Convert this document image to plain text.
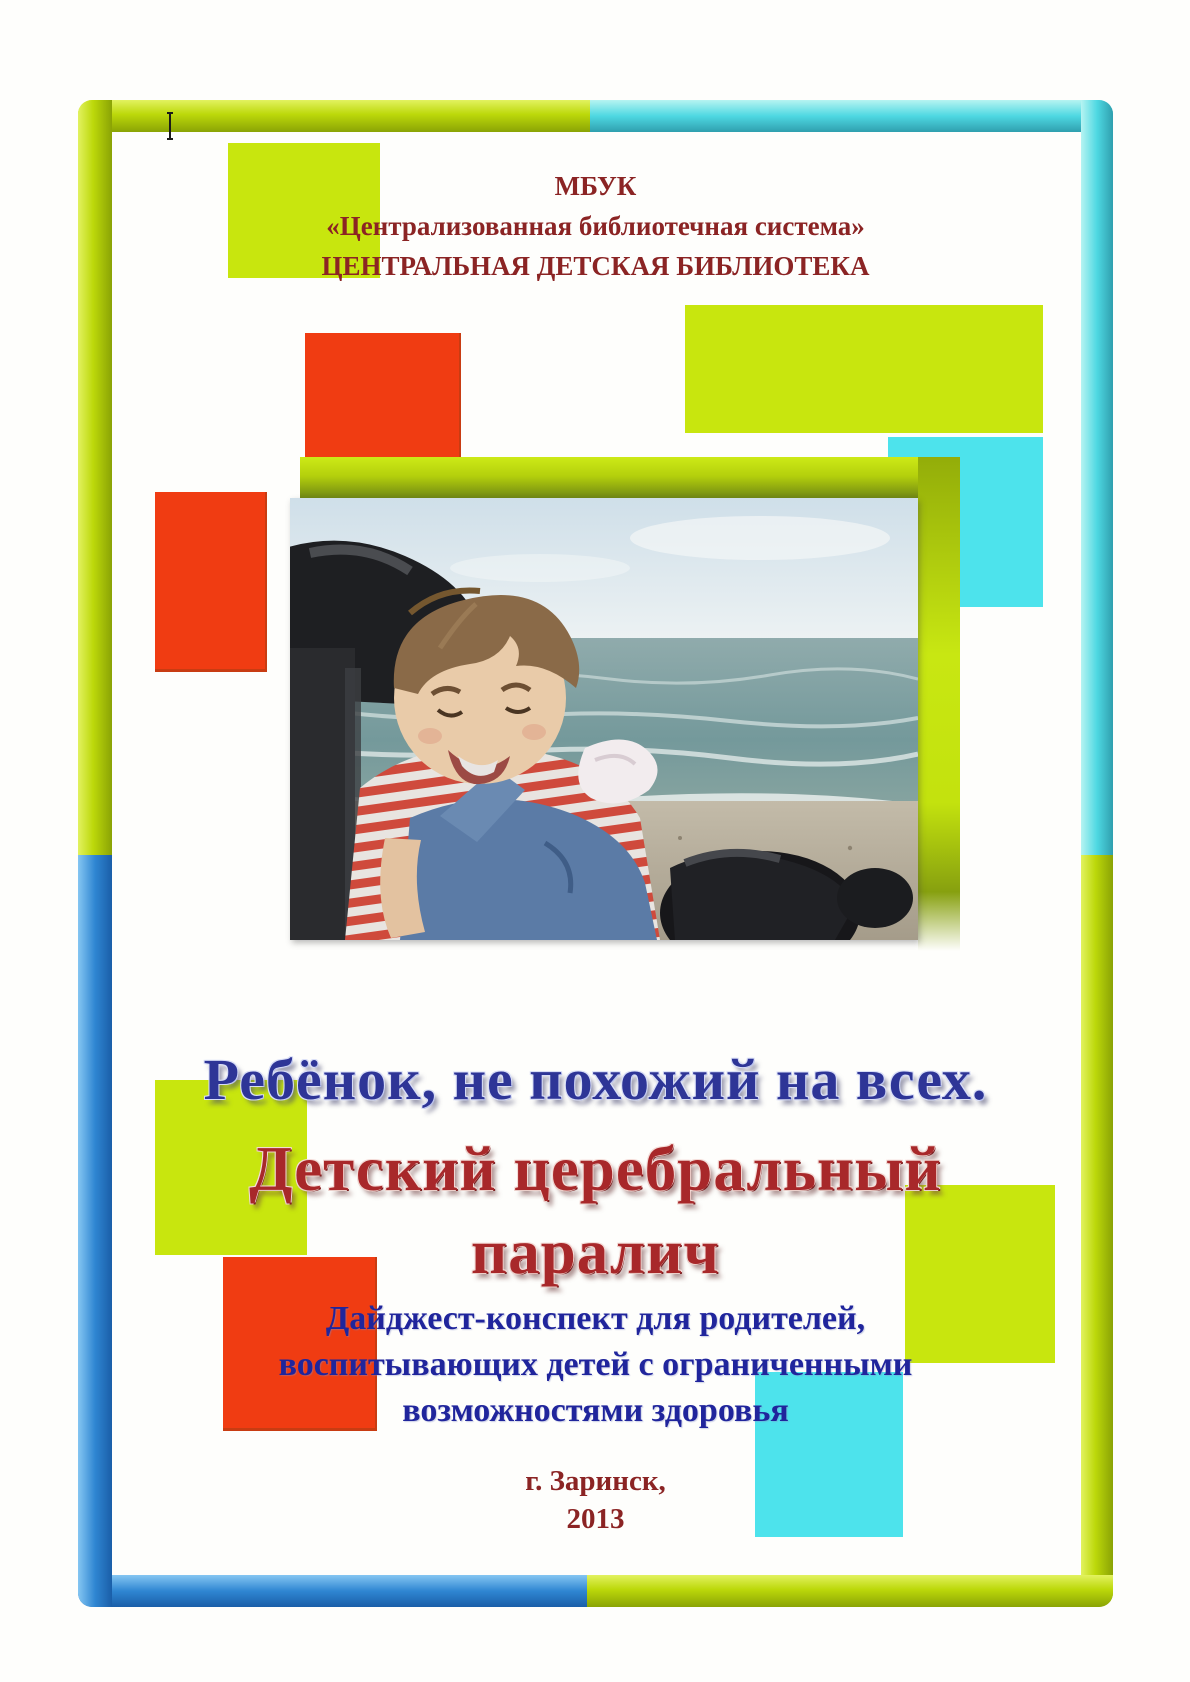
МБУК
«Централизованная библиотечная система»
ЦЕНТРАЛЬНАЯ ДЕТСКАЯ БИБЛИОТЕКА
Ребёнок, не похожий на всех.
Детский церебральный
паралич
Дайджест-конспект для родителей,
воспитывающих детей с ограниченными
возможностями здоровья
г. Заринск,
2013
